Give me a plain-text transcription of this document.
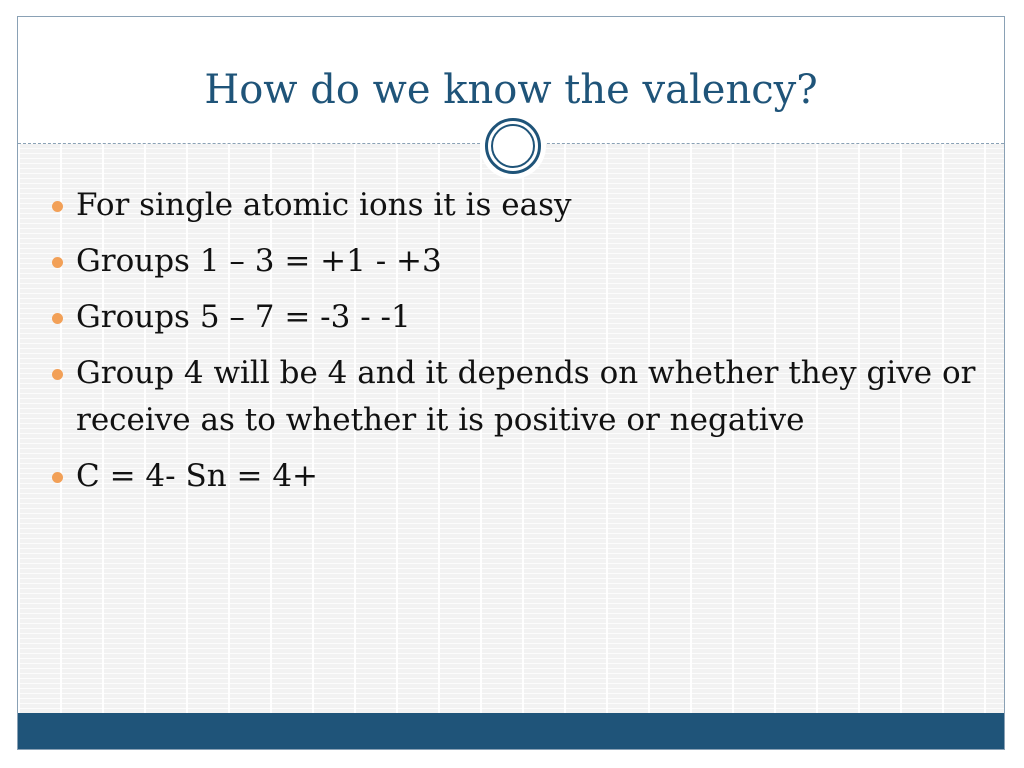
How do we know the valency?
For single atomic ions it is easy
Groups 1 – 3 = +1 - +3
Groups 5 – 7 = -3 - -1
Group 4 will be 4 and it depends on whether they give or receive as to whether it is positive or negative
C = 4- Sn = 4+
